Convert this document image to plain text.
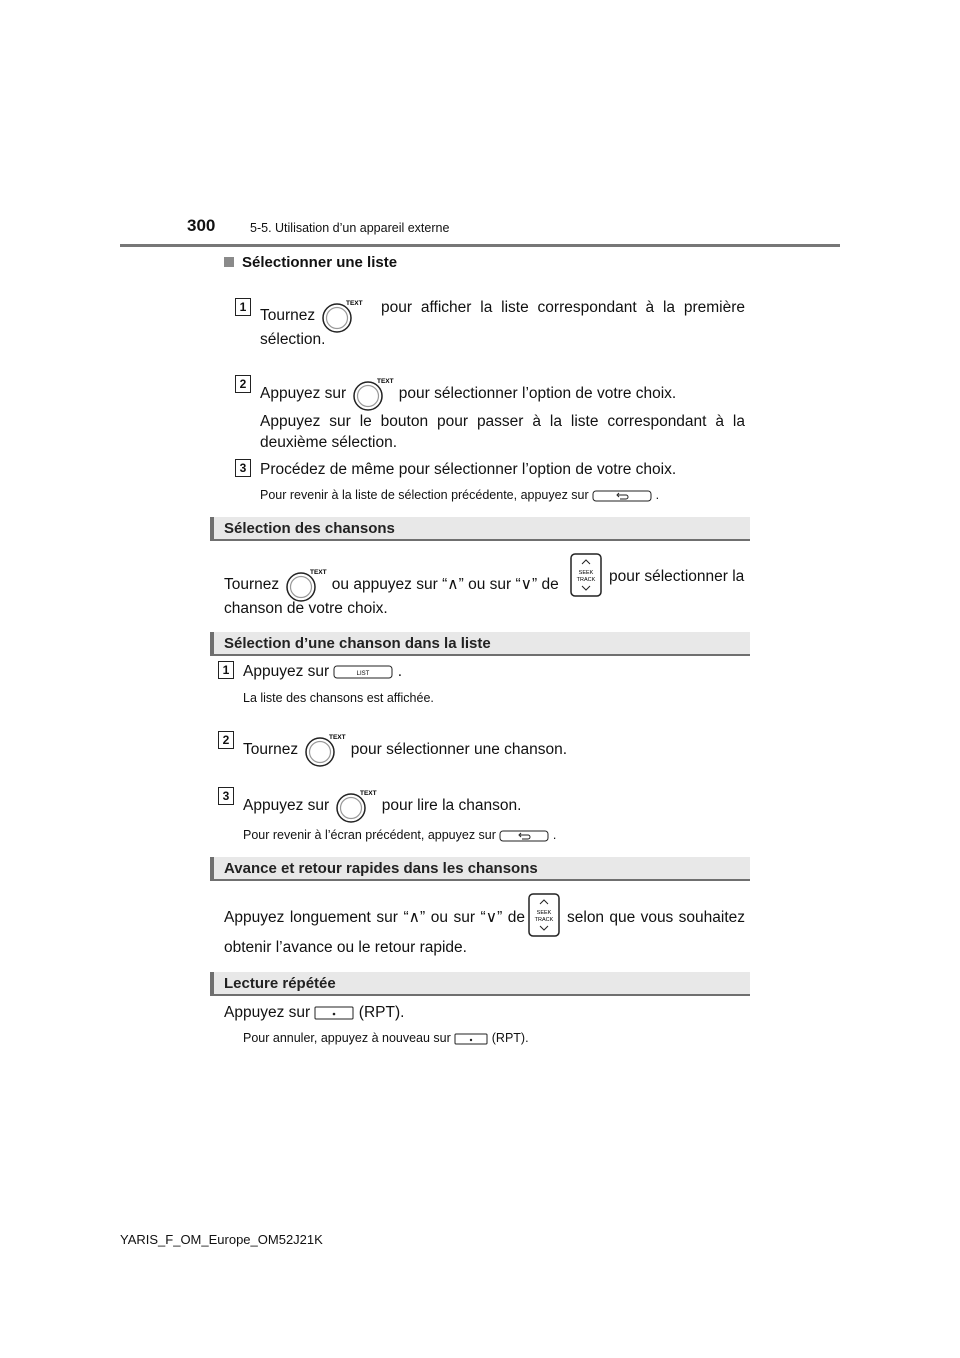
300	5-5. Utilisation d’un appareil externe
Sélectionner une liste
1
Tournez
TEXT pour afficher la liste correspondant à la première
sélection.
2
Appuyez sur
TEXT
pour sélectionner l’option de votre choix.
Appuyez sur le bouton pour passer à la liste correspondant à la
deuxième sélection.
3 Procédez de même pour sélectionner l’option de votre choix.
Pour revenir à la liste de sélection précédente, appuyez sur	.
Sélection des chansons
Tournez
TEXT
ou appuyez sur “∧” ou sur “∨” de
SEEK
TRACK pour sélectionner la
chanson de votre choix.
Sélection d’une chanson dans la liste
1 Appuyez sur	LIST .
La liste des chansons est affichée.
2
Tournez
TEXT
pour sélectionner une chanson.
3
Appuyez sur
TEXT
pour lire la chanson.
Pour revenir à l’écran précédent, appuyez sur	.
Avance et retour rapides dans les chansons
Appuyez longuement sur “∧” ou sur “∨” de SEEK
TRACK selon que vous souhaitez
obtenir l’avance ou le retour rapide.
Lecture répétée
Appuyez sur	(RPT).
Pour annuler, appuyez à nouveau sur	(RPT).
YARIS_F_OM_Europe_OM52J21K
